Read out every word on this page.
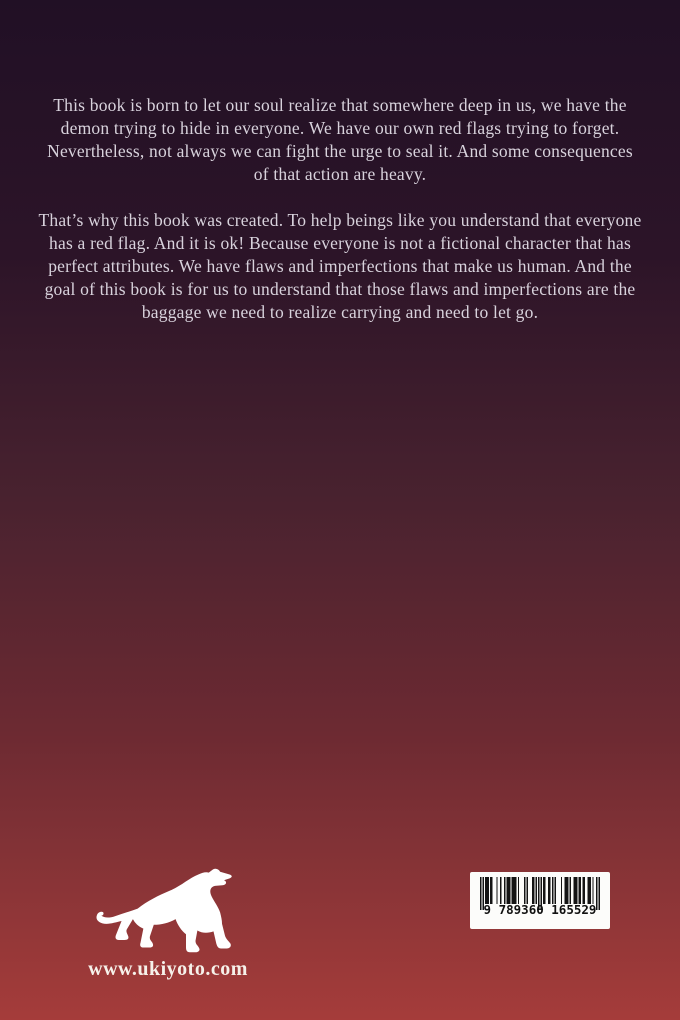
This book is born to let our soul realize that somewhere deep in us, we have the demon trying to hide in everyone. We have our own red flags trying to forget. Nevertheless, not always we can fight the urge to seal it. And some consequences of that action are heavy.

That’s why this book was created. To help beings like you understand that everyone has a red flag. And it is ok! Because everyone is not a fictional character that has perfect attributes. We have flaws and imperfections that make us human. And the goal of this book is for us to understand that those flaws and imperfections are the baggage we need to realize carrying and need to let go.

www.ukiyoto.com
9 789360 165529
